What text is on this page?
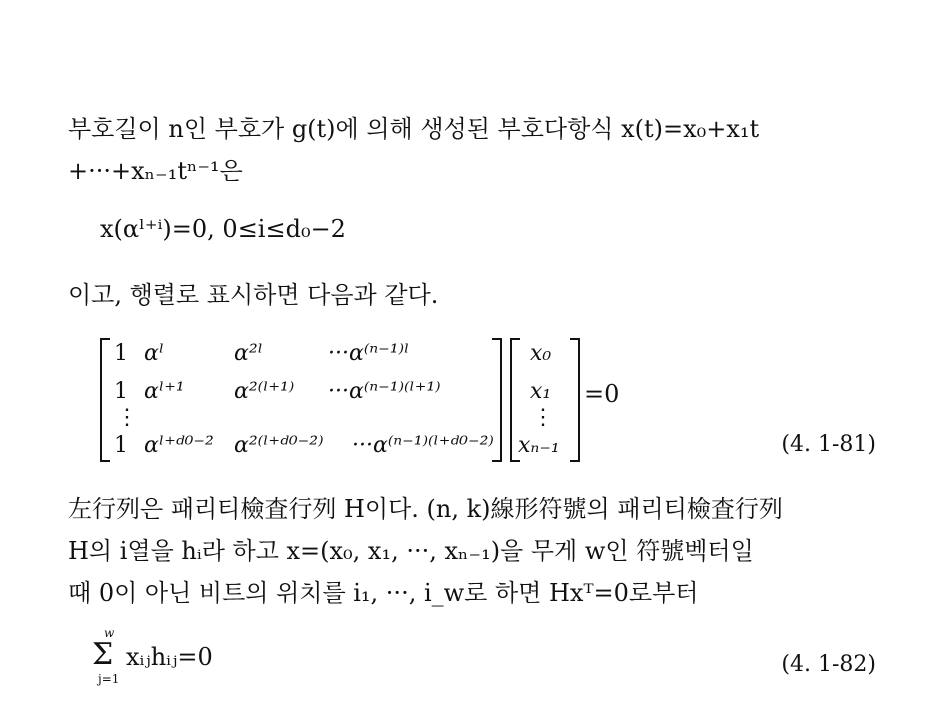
부호길이 n인 부호가 g(t)에 의해 생성된 부호다항식 x(t)=x₀+x₁t
+···+xₙ₋₁tⁿ⁻¹은
x(αˡ⁺ⁱ)=0, 0≤i≤d₀−2
이고, 행렬로 표시하면 다음과 같다.
1 αˡ	α²ˡ	···α⁽ⁿ⁻¹⁾ˡ
1 αˡ⁺¹ α²⁽ˡ⁺¹⁾ ···α⁽ⁿ⁻¹⁾⁽ˡ⁺¹⁾
⋮
1 αˡ⁺ᵈ⁰⁻² α²⁽ˡ⁺ᵈ⁰⁻²⁾ ···α⁽ⁿ⁻¹⁾⁽ˡ⁺ᵈ⁰⁻²⁾
x₀
x₁
⋮
xₙ₋₁
=0
(4. 1-81)
左行列은 패리티檢査行列 H이다. (n, k)線形符號의 패리티檢査行列
H의 i열을 hᵢ라 하고 x=(x₀, x₁, ···, xₙ₋₁)을 무게 w인 符號벡터일
때 0이 아닌 비트의 위치를 i₁, ···, i_w로 하면 Hxᵀ=0로부터
Σ
w
j=1
xᵢⱼhᵢⱼ=0	(4. 1-82)
